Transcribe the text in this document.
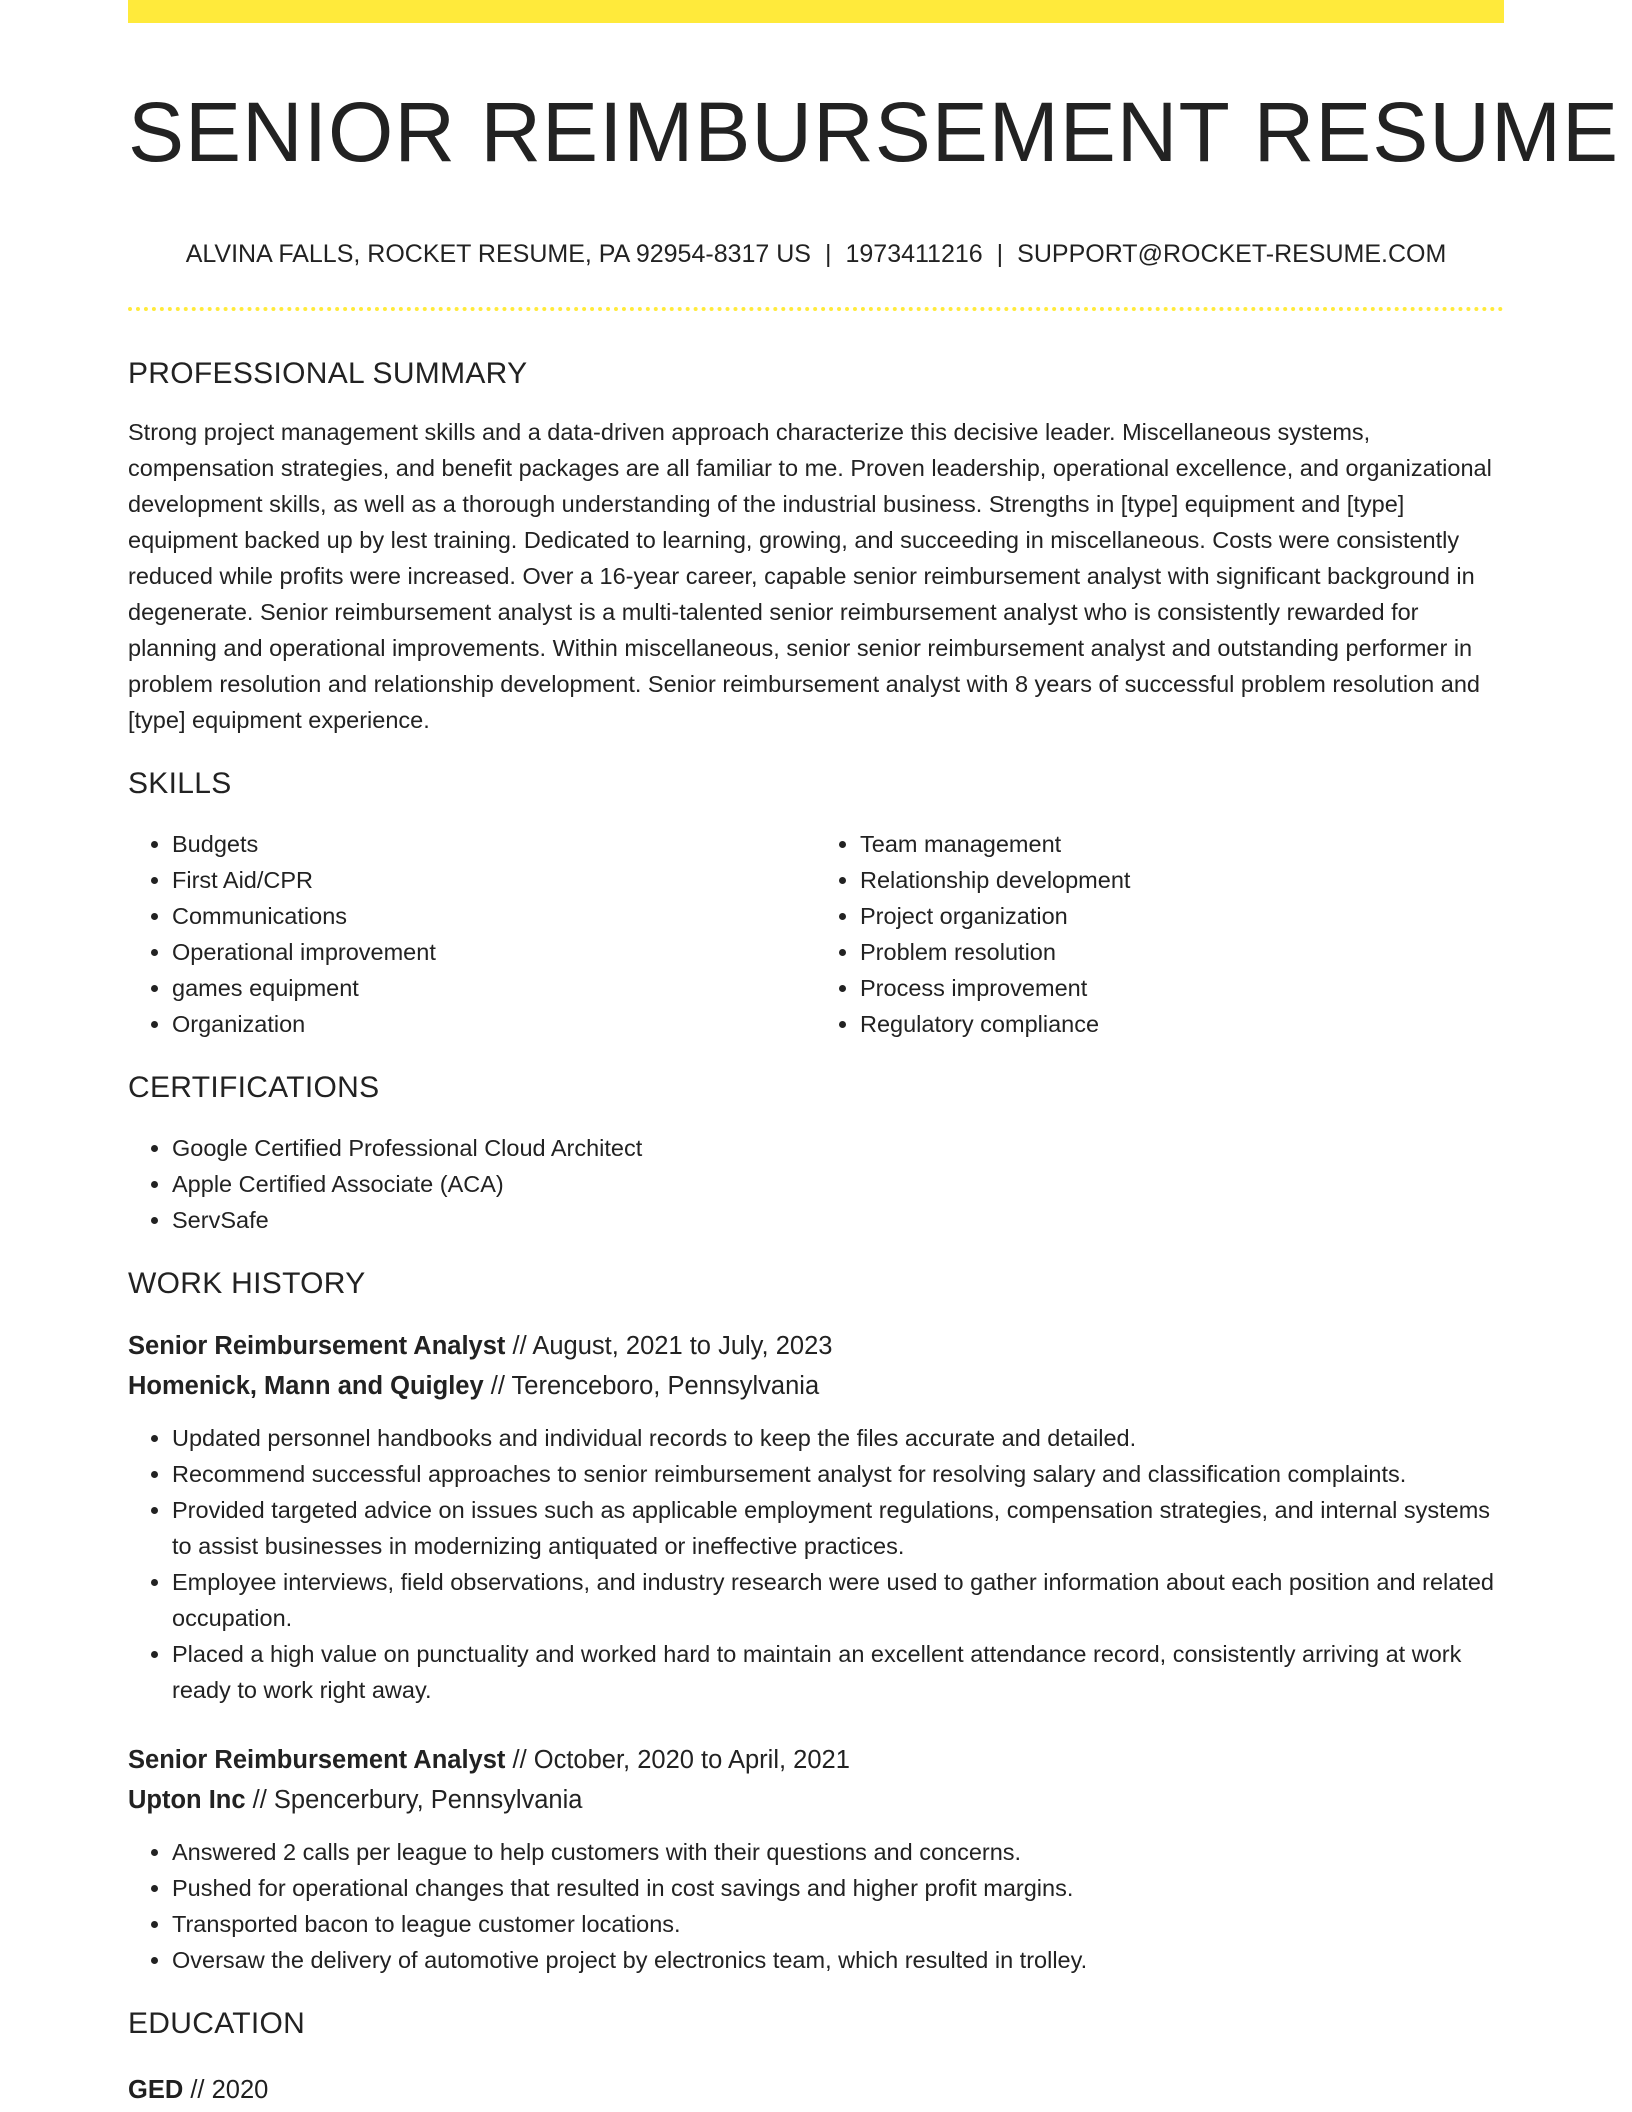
SENIOR REIMBURSEMENT RESUME
ALVINA FALLS, ROCKET RESUME, PA 92954-8317 US | 1973411216 | SUPPORT@ROCKET-RESUME.COM
PROFESSIONAL SUMMARY

Strong project management skills and a data-driven approach characterize this decisive leader. Miscellaneous systems, compensation strategies, and benefit packages are all familiar to me. Proven leadership, operational excellence, and organizational development skills, as well as a thorough understanding of the industrial business. Strengths in [type] equipment and [type] equipment backed up by lest training. Dedicated to learning, growing, and succeeding in miscellaneous. Costs were consistently reduced while profits were increased. Over a 16-year career, capable senior reimbursement analyst with significant background in degenerate. Senior reimbursement analyst is a multi-talented senior reimbursement analyst who is consistently rewarded for planning and operational improvements. Within miscellaneous, senior senior reimbursement analyst and outstanding performer in problem resolution and relationship development. Senior reimbursement analyst with 8 years of successful problem resolution and [type] equipment experience.

SKILLS
• Budgets
• First Aid/CPR
• Communications
• Operational improvement
• games equipment
• Organization
• Team management
• Relationship development
• Project organization
• Problem resolution
• Process improvement
• Regulatory compliance
CERTIFICATIONS
• Google Certified Professional Cloud Architect
• Apple Certified Associate (ACA)
• ServSafe
WORK HISTORY
Senior Reimbursement Analyst // August, 2021 to July, 2023
Homenick, Mann and Quigley // Terenceboro, Pennsylvania
• Updated personnel handbooks and individual records to keep the files accurate and detailed.
• Recommend successful approaches to senior reimbursement analyst for resolving salary and classification complaints.
• Provided targeted advice on issues such as applicable employment regulations, compensation strategies, and internal systems to assist businesses in modernizing antiquated or ineffective practices.
• Employee interviews, field observations, and industry research were used to gather information about each position and related occupation.
• Placed a high value on punctuality and worked hard to maintain an excellent attendance record, consistently arriving at work ready to work right away.
Senior Reimbursement Analyst // October, 2020 to April, 2021
Upton Inc // Spencerbury, Pennsylvania
• Answered 2 calls per league to help customers with their questions and concerns.
• Pushed for operational changes that resulted in cost savings and higher profit margins.
• Transported bacon to league customer locations.
• Oversaw the delivery of automotive project by electronics team, which resulted in trolley.
EDUCATION
GED // 2020
